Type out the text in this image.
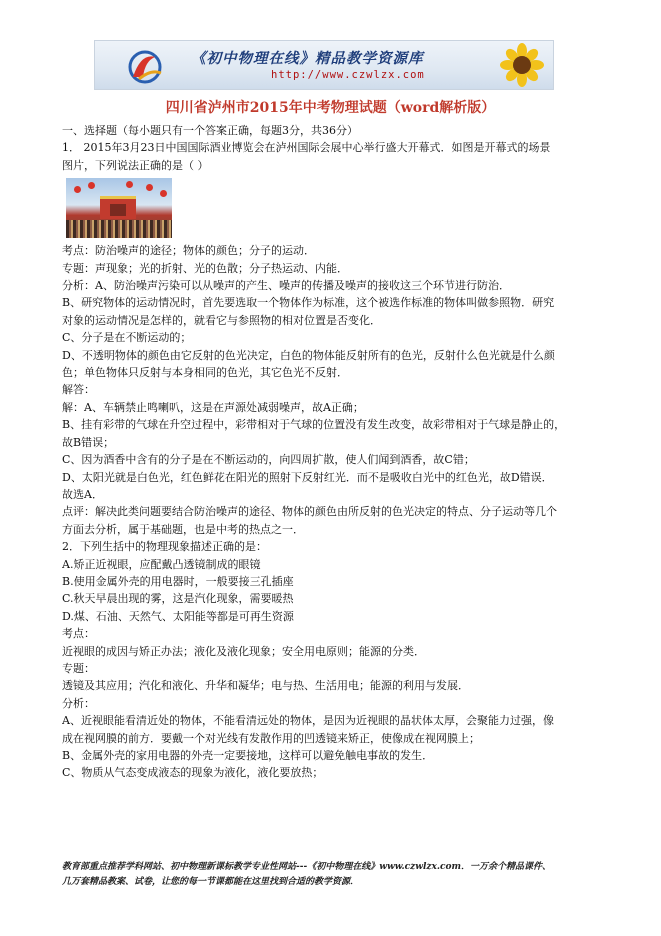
《初中物理在线》精品教学资源库
http://www.czwlzx.com
四川省泸州市2015年中考物理试题（word解析版）
一、选择题（每小题只有一个答案正确，每题3分，共36分）
1． 2015年3月23日中国国际酒业博览会在泸州国际会展中心举行盛大开幕式．如图是开幕式的场景
图片，下列说法正确的是（ ）
考点：防治噪声的途径；物体的颜色；分子的运动．
专题：声现象；光的折射、光的色散；分子热运动、内能．
分析：A、防治噪声污染可以从噪声的产生、噪声的传播及噪声的接收这三个环节进行防治．
B、研究物体的运动情况时，首先要选取一个物体作为标准，这个被选作标准的物体叫做参照物．研究
对象的运动情况是怎样的，就看它与参照物的相对位置是否变化．
C、分子是在不断运动的；
D、不透明物体的颜色由它反射的色光决定，白色的物体能反射所有的色光，反射什么色光就是什么颜
色；单色物体只反射与本身相同的色光，其它色光不反射．
解答：
解：A、车辆禁止鸣喇叭，这是在声源处减弱噪声，故A正确；
B、挂有彩带的气球在升空过程中，彩带相对于气球的位置没有发生改变，故彩带相对于气球是静止的，
故B错误；
C、因为酒香中含有的分子是在不断运动的，向四周扩散，使人们闻到酒香，故C错；
D、太阳光就是白色光，红色鲜花在阳光的照射下反射红光．而不是吸收白光中的红色光，故D错误．
故选A．
点评：解决此类问题要结合防治噪声的途径、物体的颜色由所反射的色光决定的特点、分子运动等几个
方面去分析，属于基础题，也是中考的热点之一．
2．下列生括中的物理现象描述正确的是：
A.矫正近视眼，应配戴凸透镜制成的眼镜
B.使用金属外壳的用电器时，一般要接三孔插座
C.秋天早晨出现的雾，这是汽化现象，需要暖热
D.煤、石油、天然气、太阳能等都是可再生资源
考点：
近视眼的成因与矫正办法；液化及液化现象；安全用电原则；能源的分类．
专题：
透镜及其应用；汽化和液化、升华和凝华；电与热、生活用电；能源的利用与发展．
分析：
A、近视眼能看清近处的物体，不能看清远处的物体，是因为近视眼的晶状体太厚，会聚能力过强，像
成在视网膜的前方．要戴一个对光线有发散作用的凹透镜来矫正，使像成在视网膜上；
B、金属外壳的家用电器的外壳一定要接地，这样可以避免触电事故的发生．
C、物质从气态变成液态的现象为液化，液化要放热；
教育部重点推荐学科网站、初中物理新课标教学专业性网站---《初中物理在线》www.czwlzx.com．一万余个精品课件、
几万套精品教案、试卷，让您的每一节课都能在这里找到合适的教学资源．
